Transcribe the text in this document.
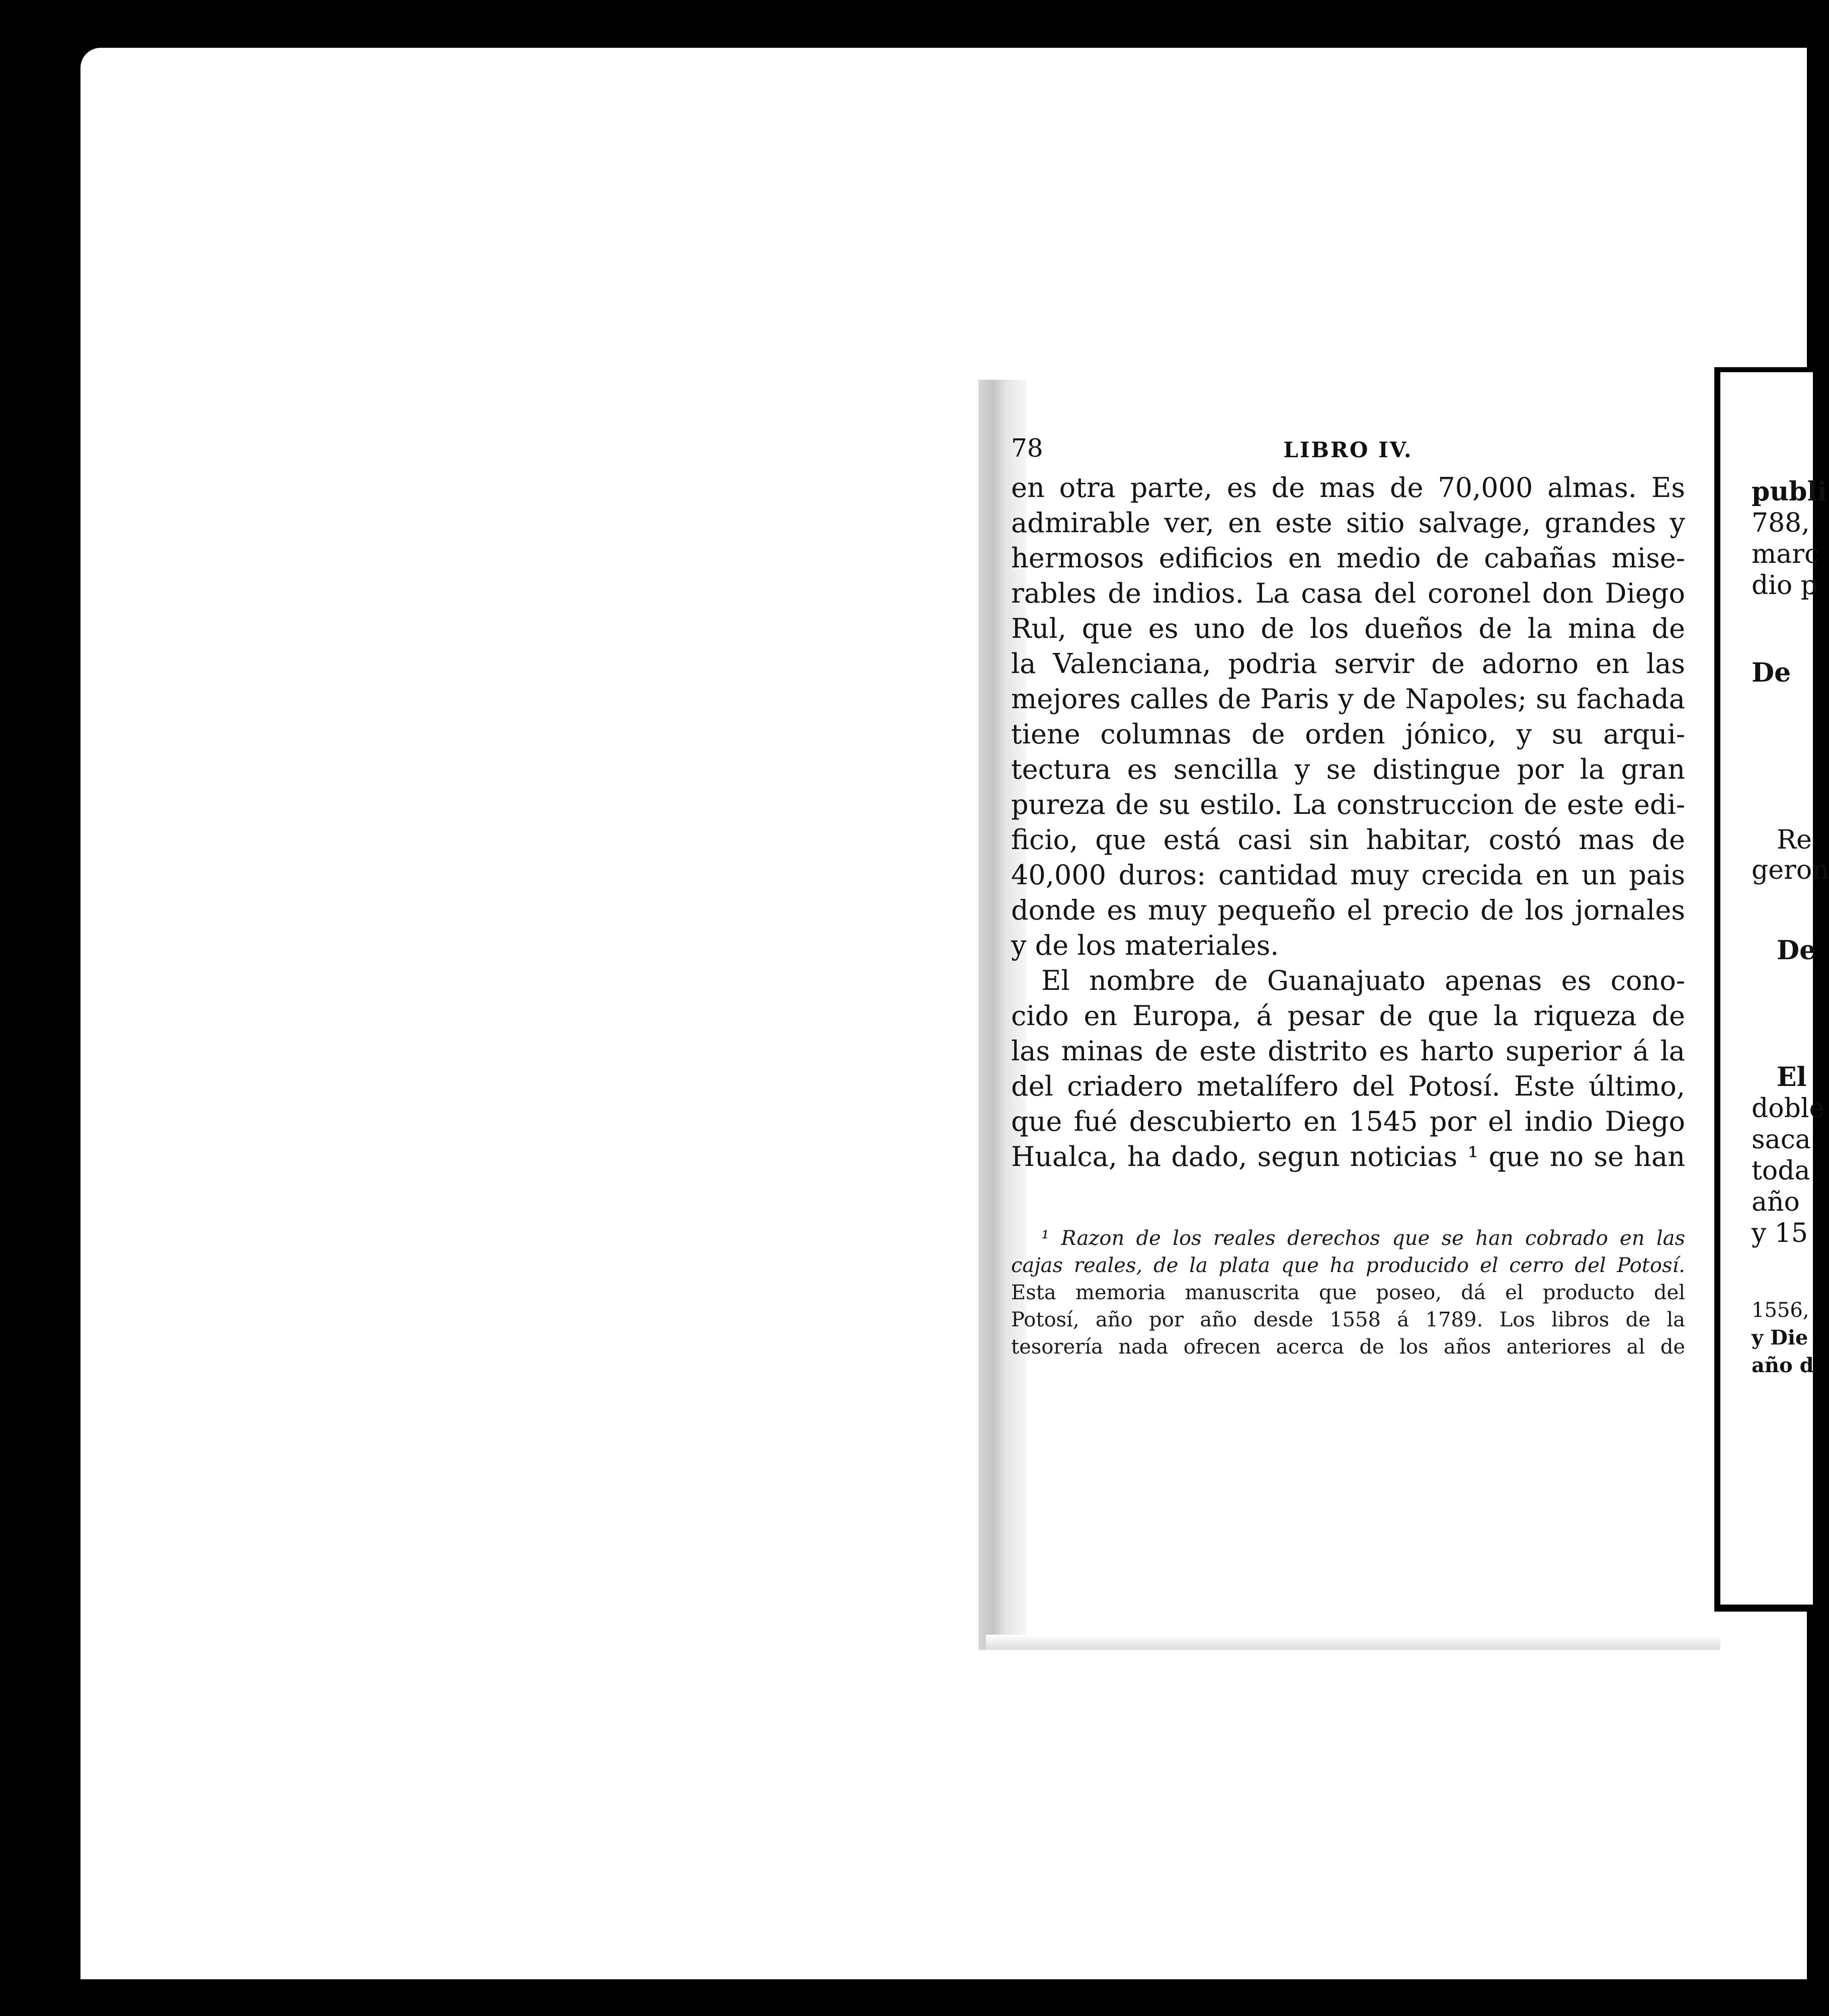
78	LIBRO IV.
en otra parte, es de mas de 70,000 almas. Es
admirable ver, en este sitio salvage, grandes y
hermosos edificios en medio de cabañas mise-
rables de indios. La casa del coronel don Diego
Rul, que es uno de los dueños de la mina de
la Valenciana, podria servir de adorno en las
mejores calles de Paris y de Napoles; su fachada
tiene columnas de orden jónico, y su arqui-
tectura es sencilla y se distingue por la gran
pureza de su estilo. La construccion de este edi-
ficio, que está casi sin habitar, costó mas de
40,000 duros: cantidad muy crecida en un pais
donde es muy pequeño el precio de los jornales
y de los materiales.
El nombre de Guanajuato apenas es cono-
cido en Europa, á pesar de que la riqueza de
las minas de este distrito es harto superior á la
del criadero metalífero del Potosí. Este último,
que fué descubierto en 1545 por el indio Diego
Hualca, ha dado, segun noticias ¹ que no se han
¹ Razon de los reales derechos que se han cobrado en las
cajas reales, de la plata que ha producido el cerro del Potosí.
Esta memoria manuscrita que poseo, dá el producto del
Potosí, año por año desde 1558 á 1789. Los libros de la
tesorería nada ofrecen acerca de los años anteriores al de
publi
788,
marc
dio p
De
Re
geron
De
El
doble
saca
toda
año
y 15
1556,
y Die
año d
